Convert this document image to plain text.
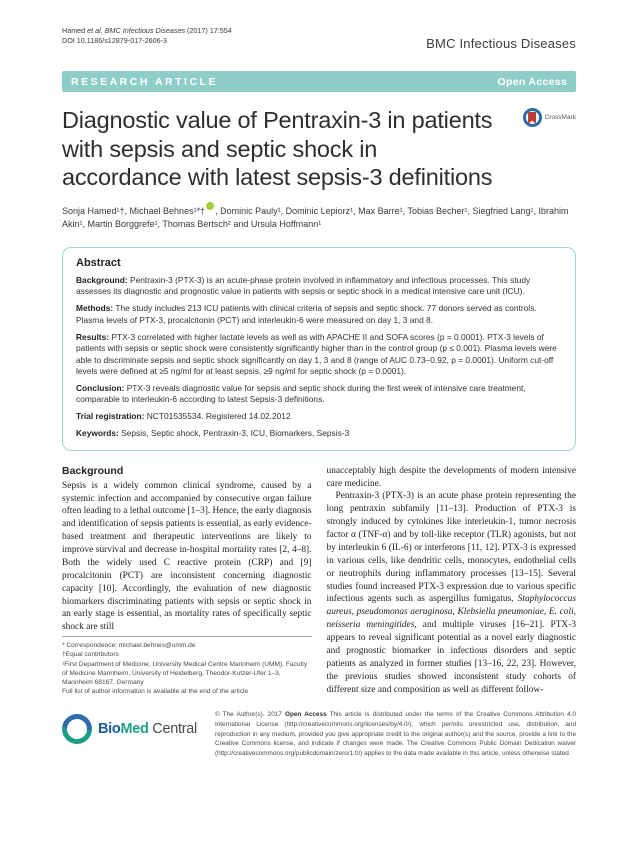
Hamed et al. BMC Infectious Diseases (2017) 17:554
DOI 10.1186/s12879-017-2606-3	BMC Infectious Diseases
RESEARCH ARTICLE	Open Access
Diagnostic value of Pentraxin-3 in patients with sepsis and septic shock in accordance with latest sepsis-3 definitions
CrossMark

Sonja Hamed¹†, Michael Behnes¹*† , Dominic Pauly¹, Dominic Lepiorz¹, Max Barre¹, Tobias Becher¹, Siegfried Lang¹, Ibrahim Akin¹, Martin Borggrefe¹, Thomas Bertsch² and Ursula Hoffmann¹

Abstract

Background: Pentraxin-3 (PTX-3) is an acute-phase protein involved in inflammatory and infectious processes. This study assesses its diagnostic and prognostic value in patients with sepsis or septic shock in a medical intensive care unit (ICU).

Methods: The study includes 213 ICU patients with clinical criteria of sepsis and septic shock. 77 donors served as controls. Plasma levels of PTX-3, procalcitonin (PCT) and interleukin-6 were measured on day 1, 3 and 8.

Results: PTX-3 correlated with higher lactate levels as well as with APACHE II and SOFA scores (p = 0.0001). PTX-3 levels of patients with sepsis or septic shock were consistently significantly higher than in the control group (p ≤ 0.001). Plasma levels were able to discriminate sepsis and septic shock significantly on day 1, 3 and 8 (range of AUC 0.73–0.92, p = 0.0001). Uniform cut-off levels were defined at ≥5 ng/ml for at least sepsis, ≥9 ng/ml for septic shock (p = 0.0001).

Conclusion: PTX-3 reveals diagnostic value for sepsis and septic shock during the first week of intensive care treatment, comparable to interleukin-6 according to latest Sepsis-3 definitions.

Trial registration: NCT01535534. Registered 14.02.2012

Keywords: Sepsis, Septic shock, Pentraxin-3, ICU, Biomarkers, Sepsis-3

Background

Sepsis is a widely common clinical syndrome, caused by a systemic infection and accompanied by consecutive organ failure often leading to a lethal outcome [1–3]. Hence, the early diagnosis and identification of sepsis patients is essential, as early evidence-based treatment and therapeutic interventions are likely to improve survival and decrease in-hospital mortality rates [2, 4–8]. Both the widely used C reactive protein (CRP) and [9] procalcitonin (PCT) are inconsistent concerning diagnostic capacity [10]. Accordingly, the evaluation of new diagnostic biomarkers discriminating patients with sepsis or septic shock in an early stage is essential, as mortality rates of specifically septic shock are still

* Correspondence: michael.behnes@umm.de
†Equal contributors
¹First Department of Medicine, University Medical Centre Mannheim (UMM), Faculty of Medicine Mannheim, University of Heidelberg, Theodor-Kutzer-Ufer 1–3, Mannheim 68167, Germany
Full list of author information is available at the end of the article

unacceptably high despite the developments of modern intensive care medicine.

Pentraxin-3 (PTX-3) is an acute phase protein representing the long pentraxin subfamily [11–13]. Production of PTX-3 is strongly induced by cytokines like interleukin-1, tumor necrosis factor α (TNF-α) and by toll-like receptor (TLR) agonists, but not by interleukin 6 (IL-6) or interferons [11, 12]. PTX-3 is expressed in various cells, like dendritic cells, monocytes, endothelial cells or neutrophils during inflammatory processes [13–15]. Several studies found increased PTX-3 expression due to various specific infectious agents such as aspergillus fumigatus, Staphylococcus aureus, pseudomonas aeruginosa, Klebsiella pneumoniae, E. coli, neisseria meningitides, and multiple viruses [16–21]. PTX-3 appears to reveal significant potential as a novel early diagnostic and prognostic biomarker in infectious disorders and septic patients as analyzed in former studies [13–16, 22, 23]. However, the previous studies showed inconsistent study cohorts of different size and composition as well as different follow-

BioMed Central

© The Author(s). 2017 Open Access This article is distributed under the terms of the Creative Commons Attribution 4.0 International License (http://creativecommons.org/licenses/by/4.0/), which permits unrestricted use, distribution, and reproduction in any medium, provided you give appropriate credit to the original author(s) and the source, provide a link to the Creative Commons license, and indicate if changes were made. The Creative Commons Public Domain Dedication waiver (http://creativecommons.org/publicdomain/zero/1.0/) applies to the data made available in this article, unless otherwise stated.
